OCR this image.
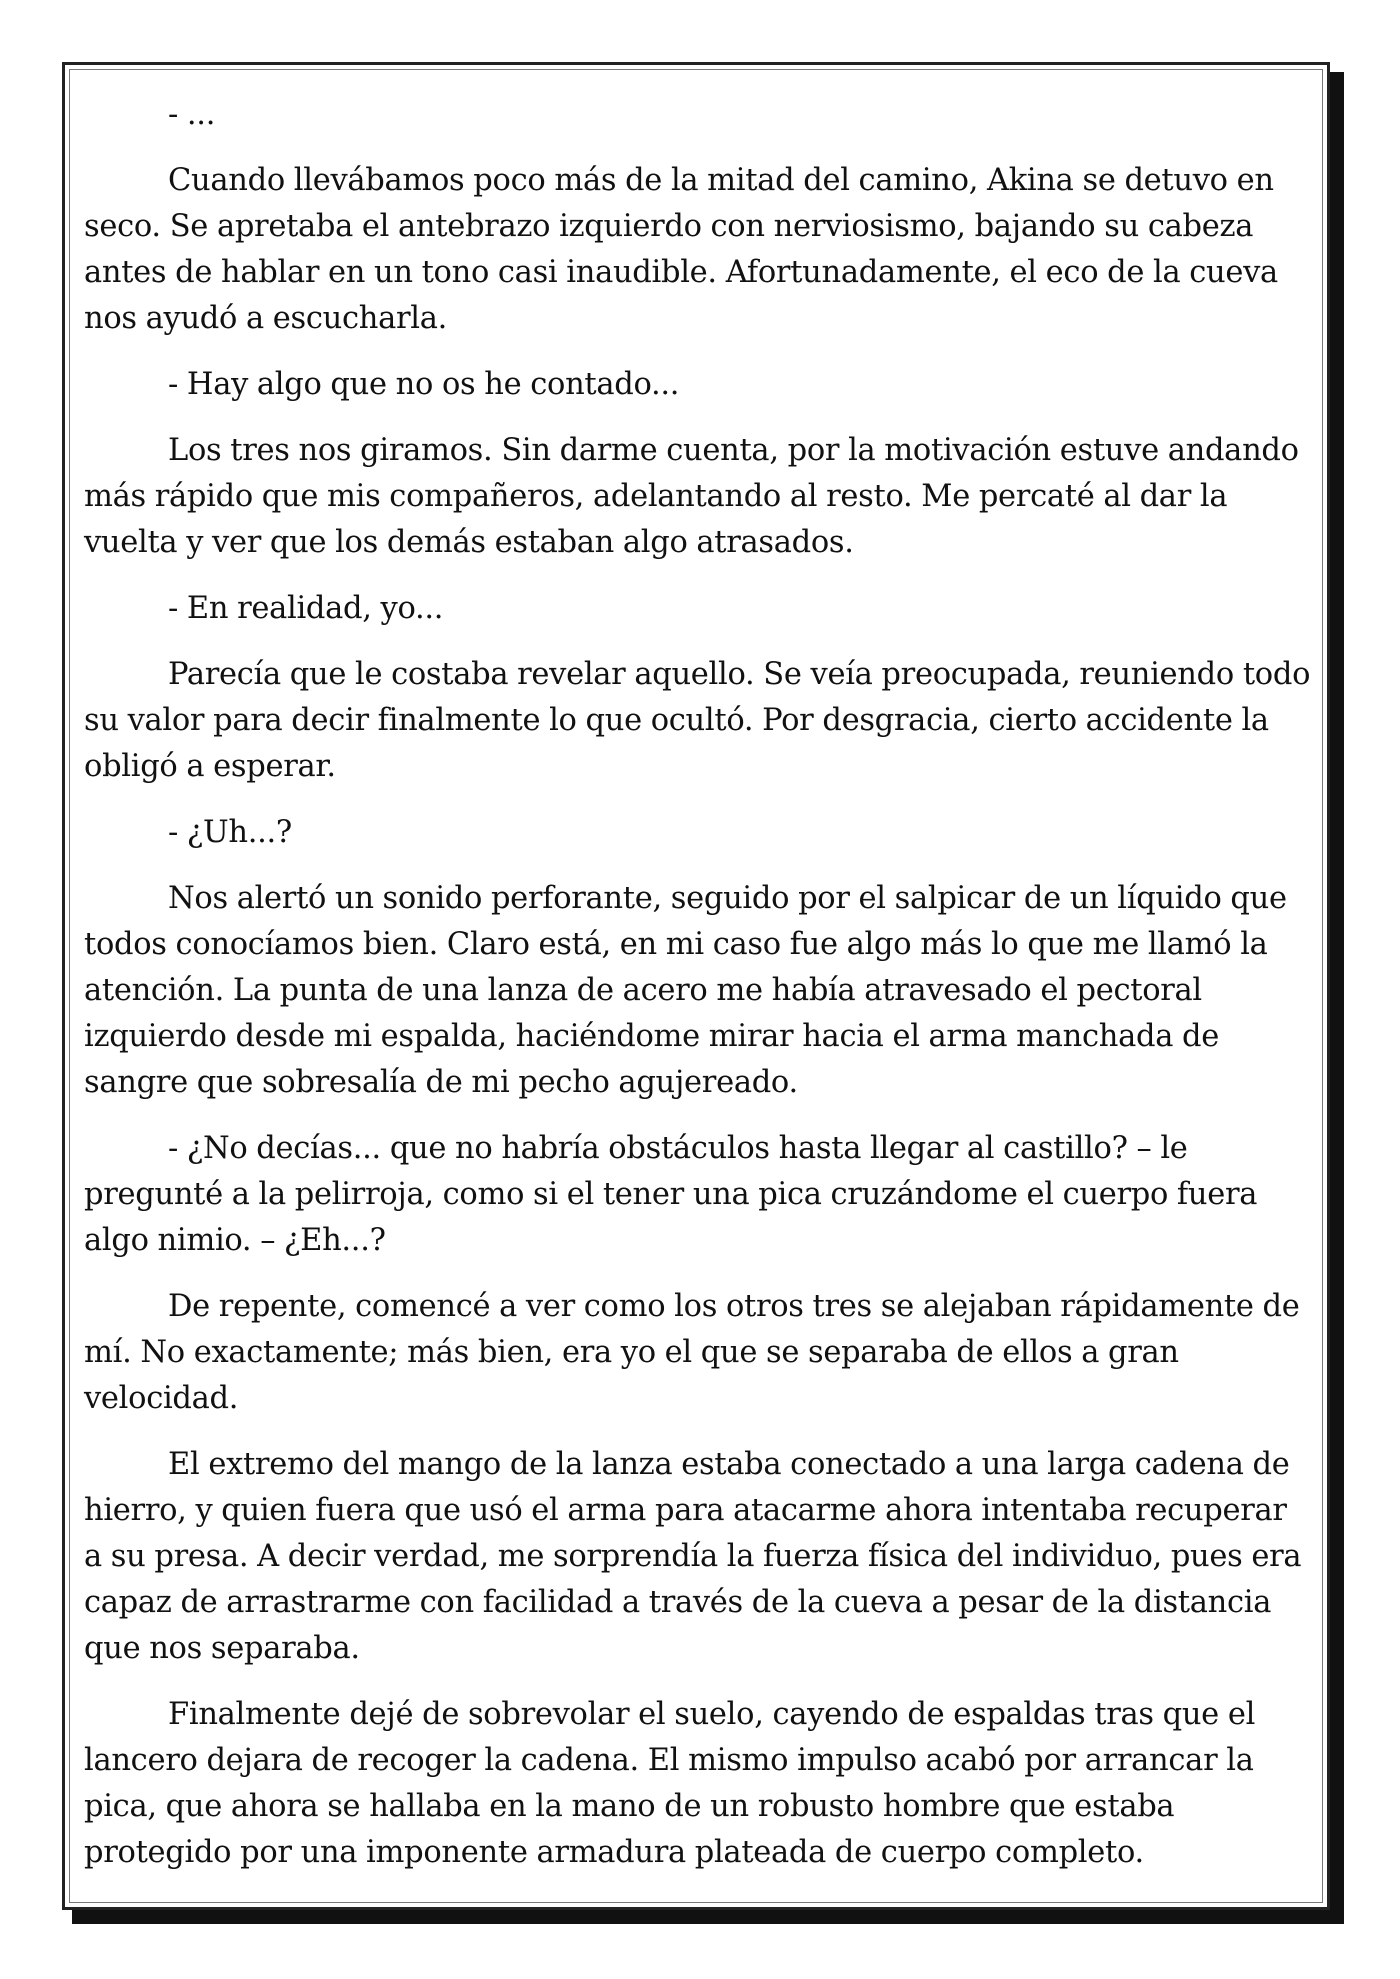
- ...

Cuando llevábamos poco más de la mitad del camino, Akina se detuvo en seco. Se apretaba el antebrazo izquierdo con nerviosismo, bajando su cabeza antes de hablar en un tono casi inaudible. Afortunadamente, el eco de la cueva nos ayudó a escucharla.

- Hay algo que no os he contado...

Los tres nos giramos. Sin darme cuenta, por la motivación estuve andando más rápido que mis compañeros, adelantando al resto. Me percaté al dar la vuelta y ver que los demás estaban algo atrasados.

- En realidad, yo...

Parecía que le costaba revelar aquello. Se veía preocupada, reuniendo todo su valor para decir finalmente lo que ocultó. Por desgracia, cierto accidente la obligó a esperar.

- ¿Uh...?

Nos alertó un sonido perforante, seguido por el salpicar de un líquido que todos conocíamos bien. Claro está, en mi caso fue algo más lo que me llamó la atención. La punta de una lanza de acero me había atravesado el pectoral izquierdo desde mi espalda, haciéndome mirar hacia el arma manchada de sangre que sobresalía de mi pecho agujereado.

- ¿No decías... que no habría obstáculos hasta llegar al castillo? – le pregunté a la pelirroja, como si el tener una pica cruzándome el cuerpo fuera algo nimio. – ¿Eh...?

De repente, comencé a ver como los otros tres se alejaban rápidamente de mí. No exactamente; más bien, era yo el que se separaba de ellos a gran velocidad.

El extremo del mango de la lanza estaba conectado a una larga cadena de hierro, y quien fuera que usó el arma para atacarme ahora intentaba recuperar a su presa. A decir verdad, me sorprendía la fuerza física del individuo, pues era capaz de arrastrarme con facilidad a través de la cueva a pesar de la distancia que nos separaba.

Finalmente dejé de sobrevolar el suelo, cayendo de espaldas tras que el lancero dejara de recoger la cadena. El mismo impulso acabó por arrancar la pica, que ahora se hallaba en la mano de un robusto hombre que estaba protegido por una imponente armadura plateada de cuerpo completo.
